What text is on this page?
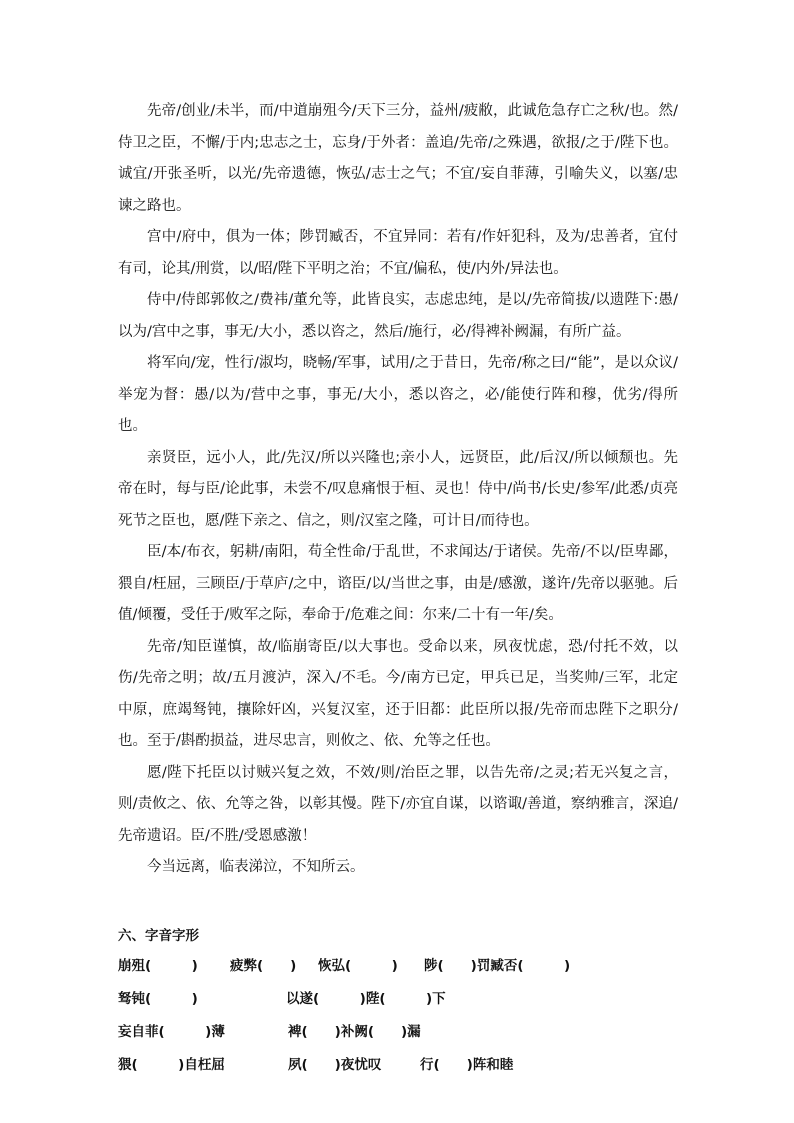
先帝/创业/未半，而/中道崩殂今/天下三分，益州/疲敝，此诚危急存亡之秋/也。然/侍卫之臣，不懈/于内;忠志之士，忘身/于外者：盖追/先帝/之殊遇，欲报/之于/陛下也。诚宜/开张圣听，以光/先帝遗德，恢弘/志士之气；不宜/妄自菲薄，引喻失义，以塞/忠谏之路也。

宫中/府中，俱为一体；陟罚臧否，不宜异同：若有/作奸犯科，及为/忠善者，宜付有司，论其/刑赏，以/昭/陛下平明之治；不宜/偏私，使/内外/异法也。

侍中/侍郎郭攸之/费祎/董允等，此皆良实，志虑忠纯，是以/先帝简拔/以遗陛下:愚/以为/宫中之事，事无/大小，悉以咨之，然后/施行，必/得裨补阙漏，有所广益。

将军向/宠，性行/淑均，晓畅/军事，试用/之于昔日，先帝/称之曰/“能”，是以众议/举宠为督：愚/以为/营中之事，事无/大小，悉以咨之，必/能使行阵和穆，优劣/得所也。

亲贤臣，远小人，此/先汉/所以兴隆也;亲小人，远贤臣，此/后汉/所以倾颓也。先帝在时，每与臣/论此事，未尝不/叹息痛恨于桓、灵也！侍中/尚书/长史/参军/此悉/贞亮死节之臣也，愿/陛下亲之、信之，则/汉室之隆，可计日/而待也。

臣/本/布衣，躬耕/南阳，苟全性命/于乱世，不求闻达/于诸侯。先帝/不以/臣卑鄙，猥自/枉屈，三顾臣/于草庐/之中，谘臣/以/当世之事，由是/感激，遂许/先帝以驱驰。后值/倾覆，受任于/败军之际，奉命于/危难之间：尔来/二十有一年/矣。

先帝/知臣谨慎，故/临崩寄臣/以大事也。受命以来，夙夜忧虑，恐/付托不效，以伤/先帝之明；故/五月渡泸，深入/不毛。今/南方已定，甲兵已足，当奖帅/三军，北定中原，庶竭驽钝，攘除奸凶，兴复汉室，还于旧都：此臣所以报/先帝而忠陛下之职分/也。至于/斟酌损益，进尽忠言，则攸之、依、允等之任也。

愿/陛下托臣以讨贼兴复之效，不效/则/治臣之罪，以告先帝/之灵;若无兴复之言，则/责攸之、依、允等之咎，以彰其慢。陛下/亦宜自谋，以谘诹/善道，察纳雅言，深追/先帝遗诏。臣/不胜/受恩感激！

今当远离，临表涕泣，不知所云。

六、字音字形

崩殂(　　　) 疲弊(　　) 恢弘(　　　) 陟(　　)罚臧否(　　　)
驽钝(　　　)	以遂(　　　)陛(　　　)下
妄自菲(　　　)薄	裨(　　)补阙(　　)漏
猥(　　　)自枉屈	夙(　　)夜忧叹	行(　　)阵和睦
